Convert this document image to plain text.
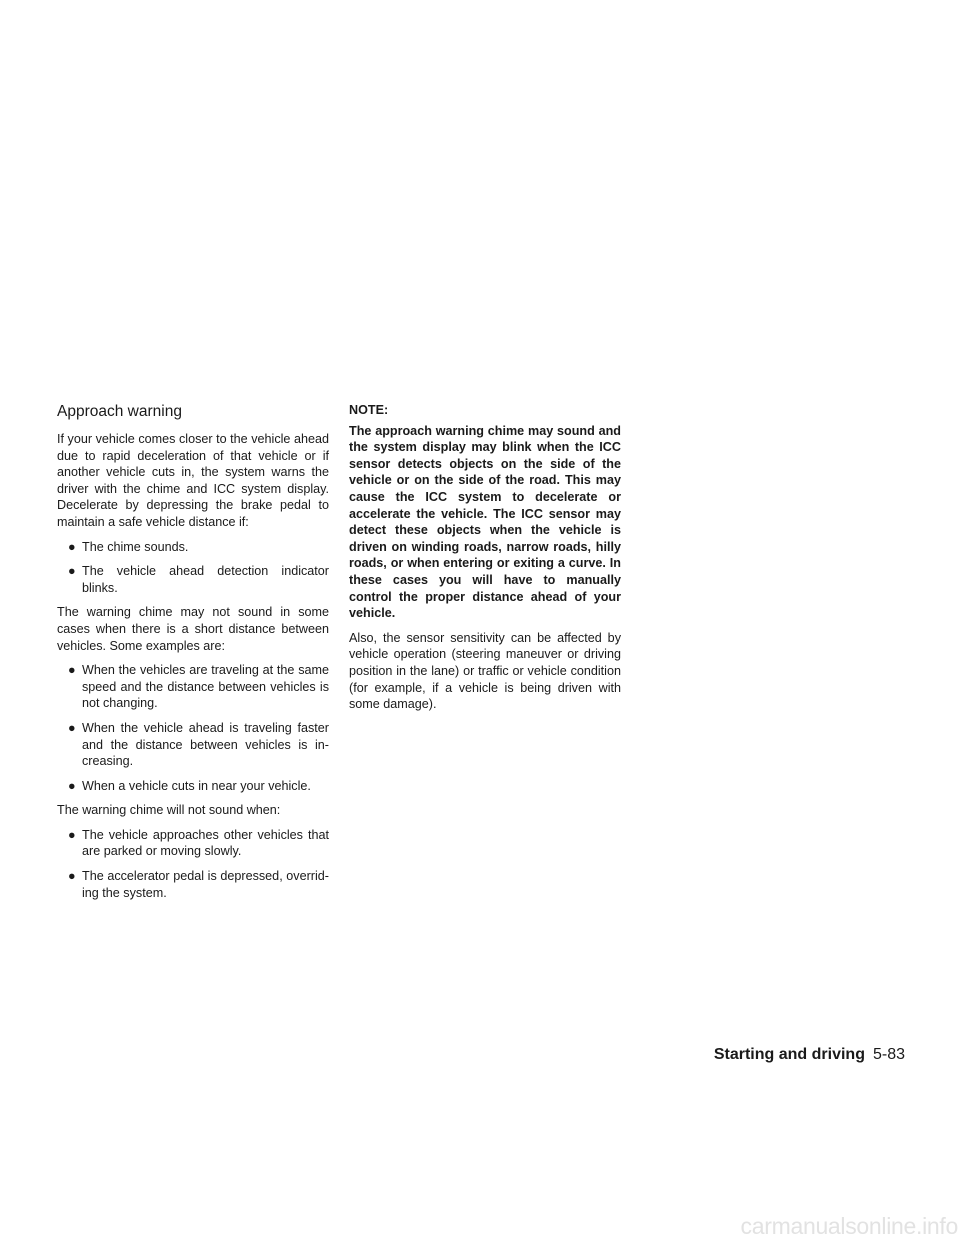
Approach warning

If your vehicle comes closer to the vehicle ahead due to rapid deceleration of that vehicle or if another vehicle cuts in, the system warns the driver with the chime and ICC system display. Decelerate by depressing the brake pedal to maintain a safe vehicle distance if:

● The chime sounds.
● The vehicle ahead detection indicator blinks.

The warning chime may not sound in some cases when there is a short distance between vehicles. Some examples are:

● When the vehicles are traveling at the same speed and the distance between vehicles is not changing.
● When the vehicle ahead is traveling faster and the distance between vehicles is in-creasing.
● When a vehicle cuts in near your vehicle.

The warning chime will not sound when:

● The vehicle approaches other vehicles that are parked or moving slowly.
● The accelerator pedal is depressed, overrid-ing the system.

NOTE:

The approach warning chime may sound and the system display may blink when the ICC sensor detects objects on the side of the vehicle or on the side of the road. This may cause the ICC system to decelerate or accelerate the vehicle. The ICC sensor may detect these objects when the vehicle is driven on winding roads, narrow roads, hilly roads, or when entering or exiting a curve. In these cases you will have to manually control the proper distance ahead of your vehicle.

Also, the sensor sensitivity can be affected by vehicle operation (steering maneuver or driving position in the lane) or traffic or vehicle condition (for example, if a vehicle is being driven with some damage).

Starting and driving 5-83
carmanualsonline.info
